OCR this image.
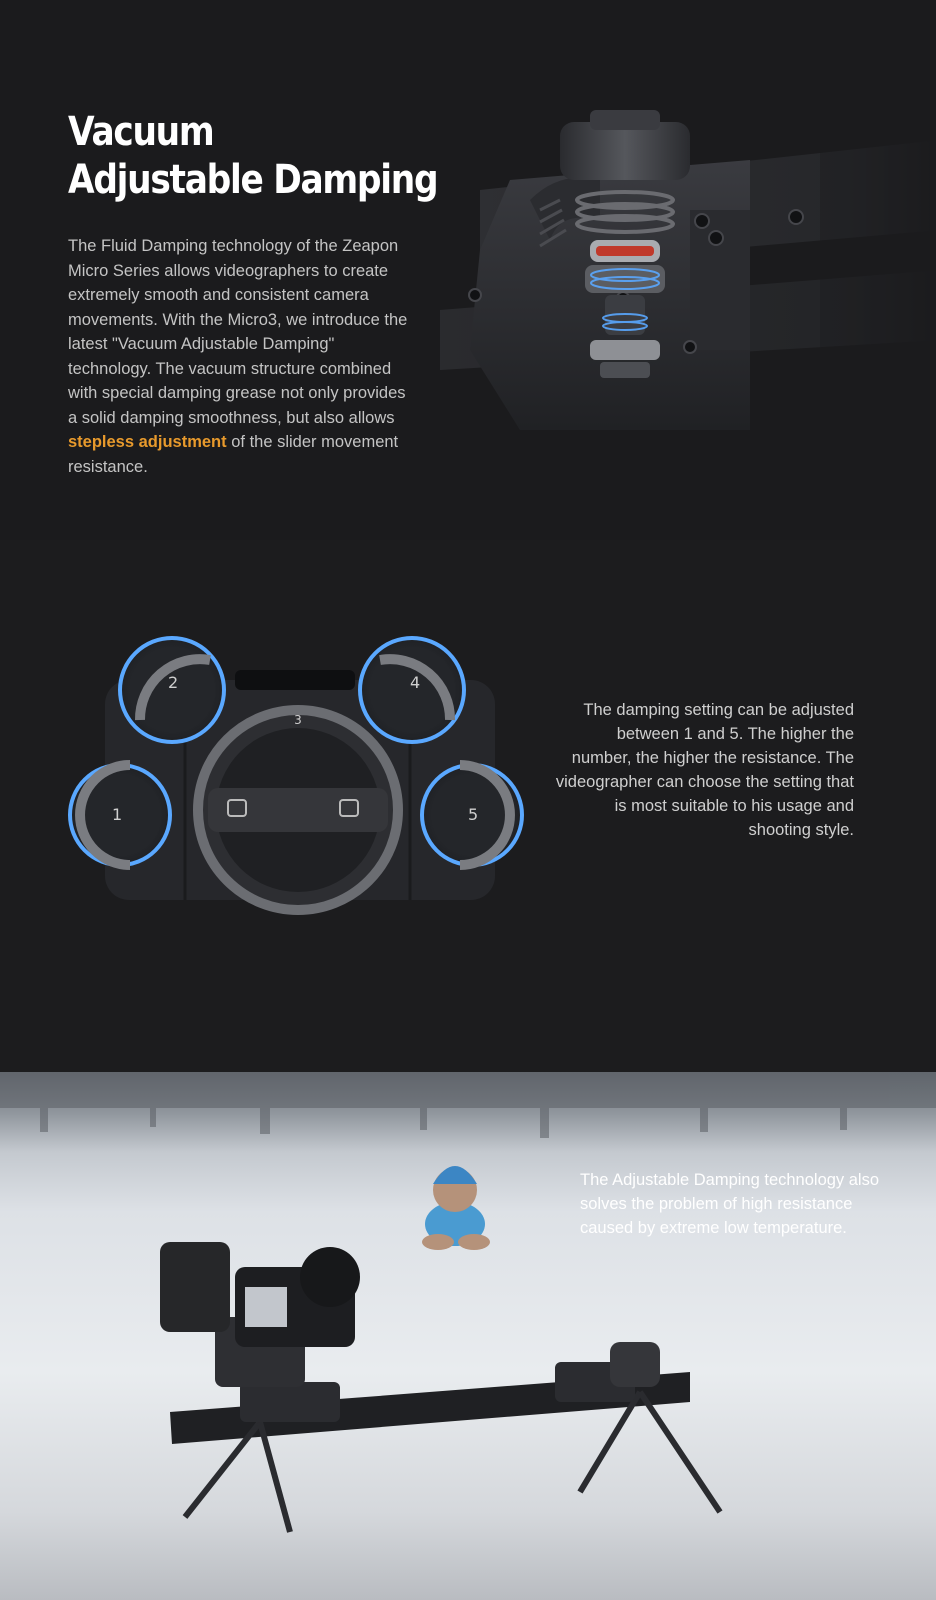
Vacuum
Adjustable Damping

The Fluid Damping technology of the Zeapon Micro Series allows videographers to create extremely smooth and consistent camera movements. With the Micro3, we introduce the latest "Vacuum Adjustable Damping" technology. The vacuum structure combined with special damping grease not only provides a solid damping smoothness, but also allows stepless adjustment of the slider movement resistance.

3
2	4
1	5

The damping setting can be adjusted between 1 and 5. The higher the number, the higher the resistance. The videographer can choose the setting that is most suitable to his usage and shooting style.

The Adjustable Damping technology also solves the problem of high resistance caused by extreme low temperature.
